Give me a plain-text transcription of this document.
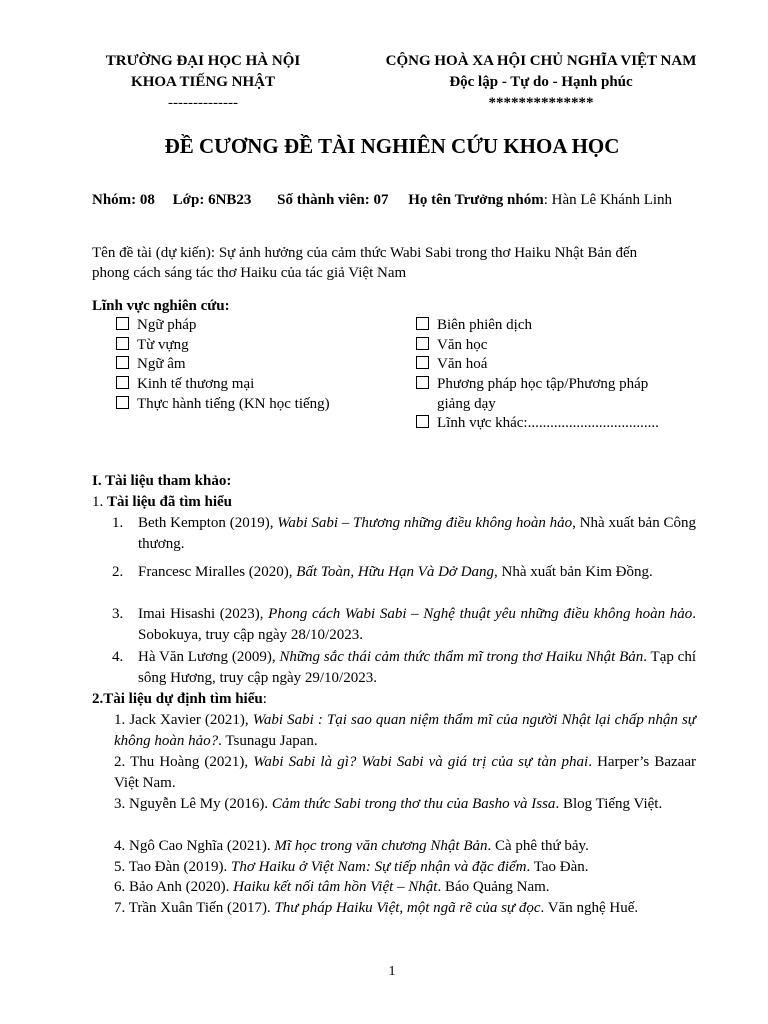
TRƯỜNG ĐẠI HỌC HÀ NỘI
KHOA TIẾNG NHẬT
--------------
CỘNG HOÀ XA HỘI CHỦ NGHĨA VIỆT NAM
Độc lập - Tự do - Hạnh phúc
**************
ĐỀ CƯƠNG ĐỀ TÀI NGHIÊN CỨU KHOA HỌC
Nhóm: 08 Lớp: 6NB23 Số thành viên: 07 Họ tên Trưởng nhóm: Hàn Lê Khánh Linh
Tên đề tài (dự kiến): Sự ảnh hưởng của cảm thức Wabi Sabi trong thơ Haiku Nhật Bản đến
phong cách sáng tác thơ Haiku của tác giả Việt Nam
Lĩnh vực nghiên cứu:
Ngữ pháp
Từ vựng
Ngữ âm
Kinh tế thương mại
Thực hành tiếng (KN học tiếng)
Biên phiên dịch
Văn học
Văn hoá
Phương pháp học tập/Phương pháp
giảng dạy
Lĩnh vực khác:...................................
I. Tài liệu tham khảo:
1. Tài liệu đã tìm hiểu
1. Beth Kempton (2019), Wabi Sabi – Thương những điều không hoàn hảo, Nhà xuất bản Công thương.
2. Francesc Miralles (2020), Bất Toàn, Hữu Hạn Và Dở Dang, Nhà xuất bản Kim Đồng.
3. Imai Hisashi (2023), Phong cách Wabi Sabi – Nghệ thuật yêu những điều không hoàn hảo. Sobokuya, truy cập ngày 28/10/2023.
4. Hà Văn Lương (2009), Những sắc thái cảm thức thẩm mĩ trong thơ Haiku Nhật Bản. Tạp chí sông Hương, truy cập ngày 29/10/2023.
2.Tài liệu dự định tìm hiểu:
1. Jack Xavier (2021), Wabi Sabi : Tại sao quan niệm thẩm mĩ của người Nhật lại chấp nhận sự không hoàn hảo?. Tsunagu Japan.
2. Thu Hoàng (2021), Wabi Sabi là gì? Wabi Sabi và giá trị của sự tàn phai. Harper’s Bazaar Việt Nam.
3. Nguyễn Lê My (2016). Cảm thức Sabi trong thơ thu của Basho và Issa. Blog Tiếng Việt.
4. Ngô Cao Nghĩa (2021). Mĩ học trong văn chương Nhật Bản. Cà phê thứ bảy.
5. Tao Đàn (2019). Thơ Haiku ở Việt Nam: Sự tiếp nhận và đặc điểm. Tao Đàn.
6. Bảo Anh (2020). Haiku kết nối tâm hồn Việt – Nhật. Báo Quảng Nam.
7. Trần Xuân Tiến (2017). Thư pháp Haiku Việt, một ngã rẽ của sự đọc. Văn nghệ Huế.
1
